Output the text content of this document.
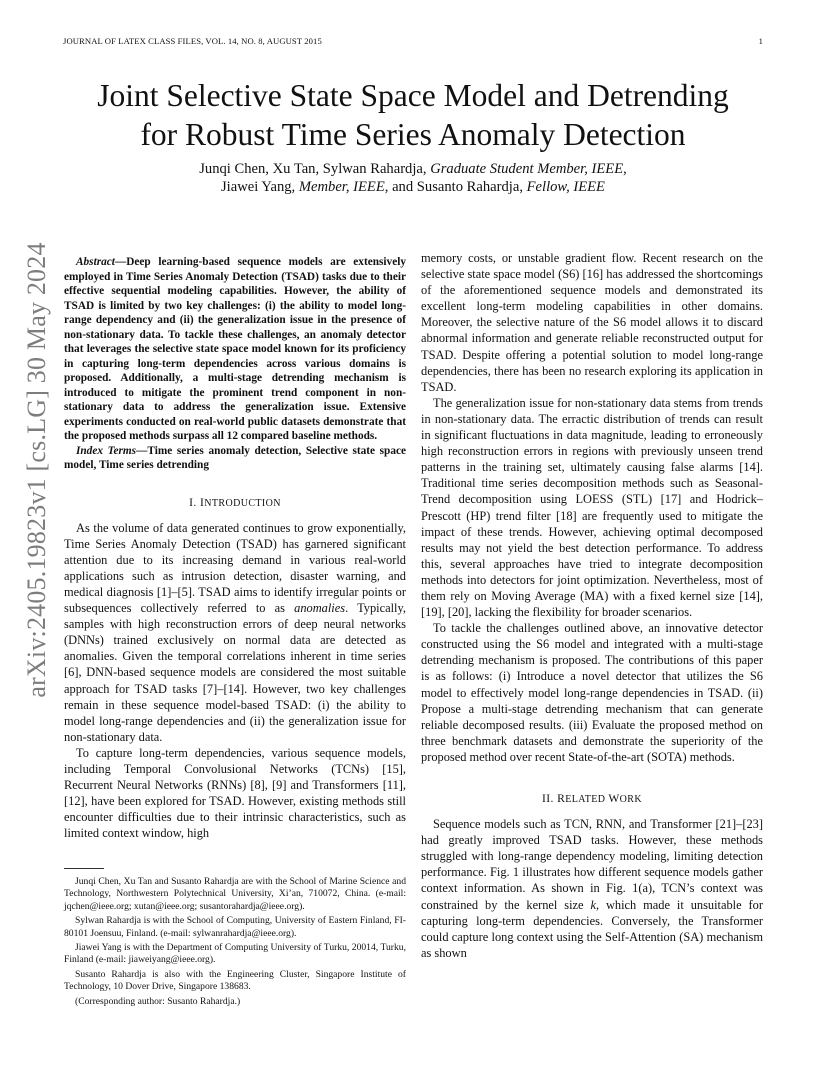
JOURNAL OF LATEX CLASS FILES, VOL. 14, NO. 8, AUGUST 2015	1
arXiv:2405.19823v1 [cs.LG] 30 May 2024
Joint Selective State Space Model and Detrending
for Robust Time Series Anomaly Detection
Junqi Chen, Xu Tan, Sylwan Rahardja, Graduate Student Member, IEEE,
Jiawei Yang, Member, IEEE, and Susanto Rahardja, Fellow, IEEE

Abstract—Deep learning-based sequence models are extensively employed in Time Series Anomaly Detection (TSAD) tasks due to their effective sequential modeling capabilities. However, the ability of TSAD is limited by two key challenges: (i) the ability to model long-range dependency and (ii) the generalization issue in the presence of non-stationary data. To tackle these challenges, an anomaly detector that leverages the selective state space model known for its proficiency in capturing long-term dependencies across various domains is proposed. Additionally, a multi-stage detrending mechanism is introduced to mitigate the prominent trend component in non-stationary data to address the generalization issue. Extensive experiments conducted on real-world public datasets demonstrate that the proposed methods surpass all 12 compared baseline methods.

Index Terms—Time series anomaly detection, Selective state space model, Time series detrending

I. INTRODUCTION

As the volume of data generated continues to grow exponentially, Time Series Anomaly Detection (TSAD) has garnered significant attention due to its increasing demand in various real-world applications such as intrusion detection, disaster warning, and medical diagnosis [1]–[5]. TSAD aims to identify irregular points or subsequences collectively referred to as anomalies. Typically, samples with high reconstruction errors of deep neural networks (DNNs) trained exclusively on normal data are detected as anomalies. Given the temporal correlations inherent in time series [6], DNN-based sequence models are considered the most suitable approach for TSAD tasks [7]–[14]. However, two key challenges remain in these sequence model-based TSAD: (i) the ability to model long-range dependencies and (ii) the generalization issue for non-stationary data.

To capture long-term dependencies, various sequence models, including Temporal Convolusional Networks (TCNs) [15], Recurrent Neural Networks (RNNs) [8], [9] and Transformers [11], [12], have been explored for TSAD. However, existing methods still encounter difficulties due to their intrinsic characteristics, such as limited context window, high

Junqi Chen, Xu Tan and Susanto Rahardja are with the School of Marine Science and Technology, Northwestern Polytechnical University, Xi’an, 710072, China. (e-mail: jqchen@ieee.org; xutan@ieee.org; susantorahardja@ieee.org).

Sylwan Rahardja is with the School of Computing, University of Eastern Finland, FI-80101 Joensuu, Finland. (e-mail: sylwanrahardja@ieee.org).

Jiawei Yang is with the Department of Computing University of Turku, 20014, Turku, Finland (e-mail: jiaweiyang@ieee.org).

Susanto Rahardja is also with the Engineering Cluster, Singapore Institute of Technology, 10 Dover Drive, Singapore 138683.

(Corresponding author: Susanto Rahardja.)

memory costs, or unstable gradient flow. Recent research on the selective state space model (S6) [16] has addressed the shortcomings of the aforementioned sequence models and demonstrated its excellent long-term modeling capabilities in other domains. Moreover, the selective nature of the S6 model allows it to discard abnormal information and generate reliable reconstructed output for TSAD. Despite offering a potential solution to model long-range dependencies, there has been no research exploring its application in TSAD.

The generalization issue for non-stationary data stems from trends in non-stationary data. The erractic distribution of trends can result in significant fluctuations in data magnitude, leading to erroneously high reconstruction errors in regions with previously unseen trend patterns in the training set, ultimately causing false alarms [14]. Traditional time series decomposition methods such as Seasonal-Trend decomposition using LOESS (STL) [17] and Hodrick–Prescott (HP) trend filter [18] are frequently used to mitigate the impact of these trends. However, achieving optimal decomposed results may not yield the best detection performance. To address this, several approaches have tried to integrate decomposition methods into detectors for joint optimization. Nevertheless, most of them rely on Moving Average (MA) with a fixed kernel size [14], [19], [20], lacking the flexibility for broader scenarios.

To tackle the challenges outlined above, an innovative detector constructed using the S6 model and integrated with a multi-stage detrending mechanism is proposed. The contributions of this paper is as follows: (i) Introduce a novel detector that utilizes the S6 model to effectively model long-range dependencies in TSAD. (ii) Propose a multi-stage detrending mechanism that can generate reliable decomposed results. (iii) Evaluate the proposed method on three benchmark datasets and demonstrate the superiority of the proposed method over recent State-of-the-art (SOTA) methods.

II. RELATED WORK

Sequence models such as TCN, RNN, and Transformer [21]–[23] had greatly improved TSAD tasks. However, these methods struggled with long-range dependency modeling, limiting detection performance. Fig. 1 illustrates how different sequence models gather context information. As shown in Fig. 1(a), TCN’s context was constrained by the kernel size k, which made it unsuitable for capturing long-term dependencies. Conversely, the Transformer could capture long context using the Self-Attention (SA) mechanism as shown
